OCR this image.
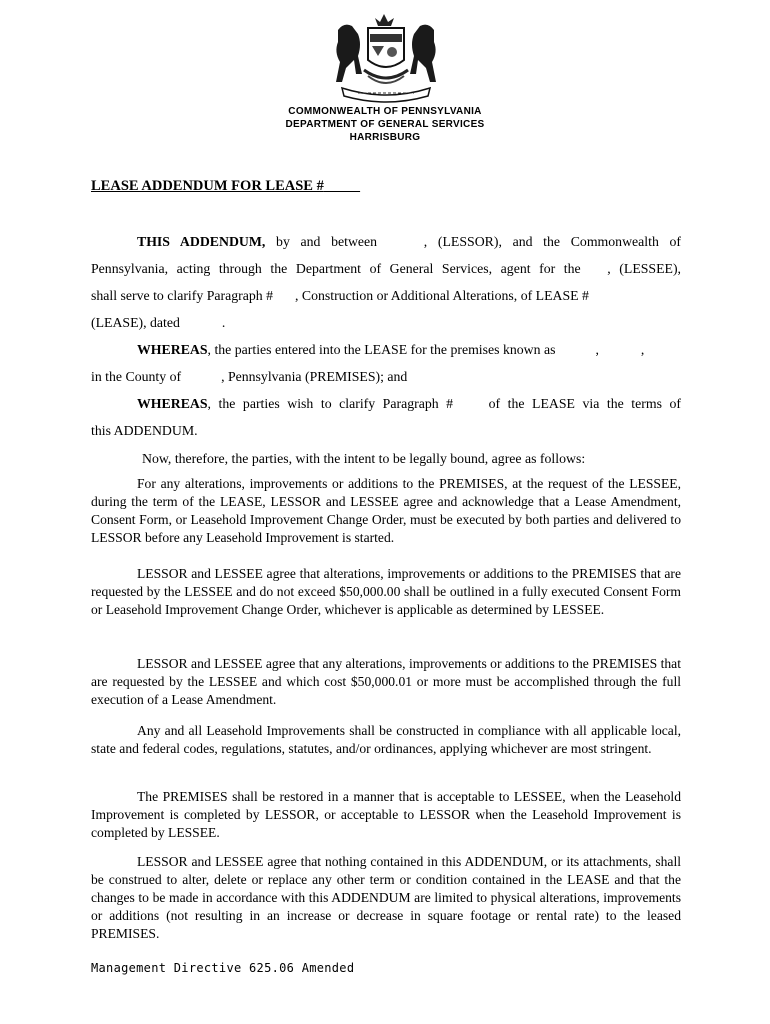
COMMONWEALTH OF PENNSYLVANIA

DEPARTMENT OF GENERAL SERVICES

HARRISBURG

LEASE ADDENDUM FOR LEASE #

THIS ADDENDUM, by and between	, (LESSOR), and the Commonwealth of

Pennsylvania, acting through the Department of General Services, agent for the , (LESSEE),

shall serve to clarify Paragraph # , Construction or Additional Alterations, of LEASE #

(LEASE), dated	.

WHEREAS, the parties entered into the LEASE for the premises known as	,	,

in the County of	, Pennsylvania (PREMISES); and

WHEREAS, the parties wish to clarify Paragraph #	of the LEASE via the terms of

this ADDENDUM.

Now, therefore, the parties, with the intent to be legally bound, agree as follows:

For any alterations, improvements or additions to the PREMISES, at the request of the LESSEE, during the term of the LEASE, LESSOR and LESSEE agree and acknowledge that a Lease Amendment, Consent Form, or Leasehold Improvement Change Order, must be executed by both parties and delivered to LESSOR before any Leasehold Improvement is started.

LESSOR and LESSEE agree that alterations, improvements or additions to the PREMISES that are requested by the LESSEE and do not exceed $50,000.00 shall be outlined in a fully executed Consent Form or Leasehold Improvement Change Order, whichever is applicable as determined by LESSEE.

LESSOR and LESSEE agree that any alterations, improvements or additions to the PREMISES that are requested by the LESSEE and which cost $50,000.01 or more must be accomplished through the full execution of a Lease Amendment.

Any and all Leasehold Improvements shall be constructed in compliance with all applicable local, state and federal codes, regulations, statutes, and/or ordinances, applying whichever are most stringent.

The PREMISES shall be restored in a manner that is acceptable to LESSEE, when the Leasehold Improvement is completed by LESSOR, or acceptable to LESSOR when the Leasehold Improvement is completed by LESSEE.

LESSOR and LESSEE agree that nothing contained in this ADDENDUM, or its attachments, shall be construed to alter, delete or replace any other term or condition contained in the LEASE and that the changes to be made in accordance with this ADDENDUM are limited to physical alterations, improvements or additions (not resulting in an increase or decrease in square footage or rental rate) to the leased PREMISES.

Management Directive 625.06 Amended
